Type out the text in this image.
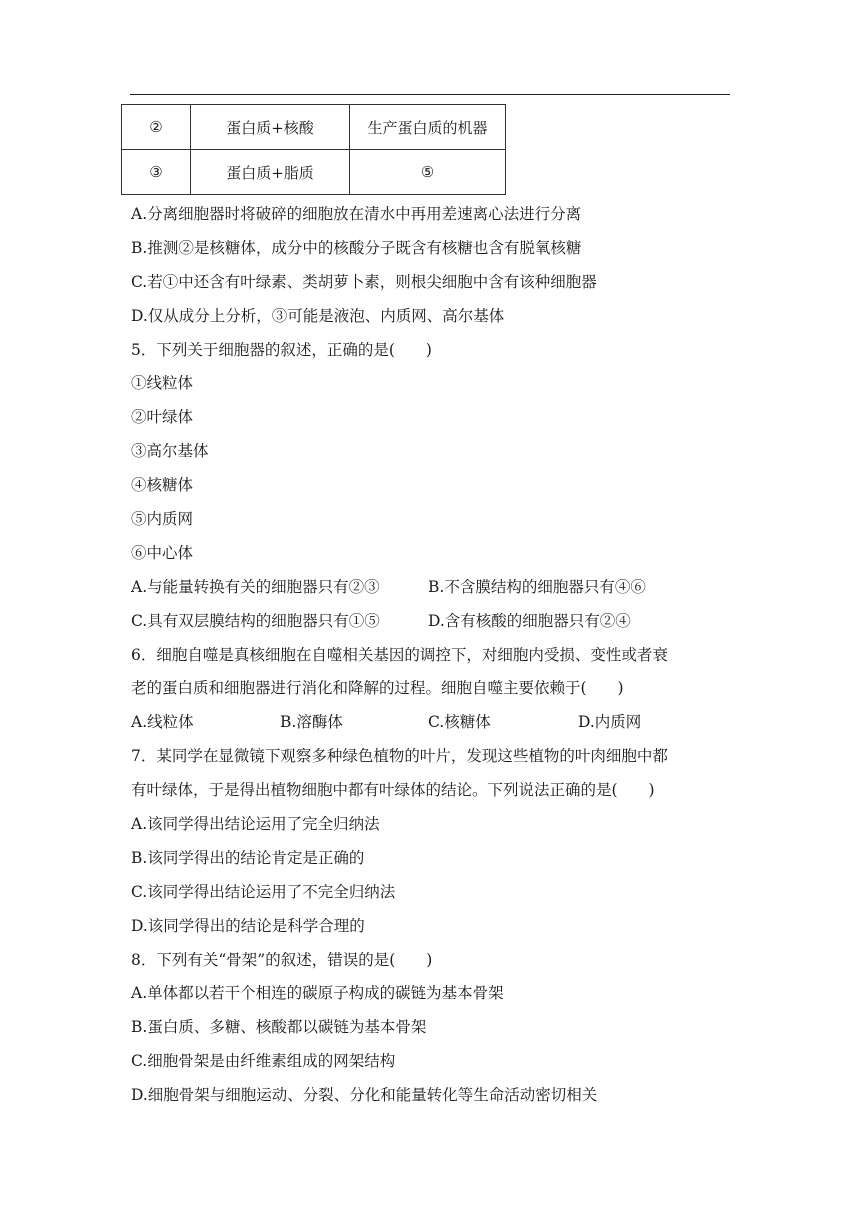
②	蛋白质+核酸	生产蛋白质的机器
③	蛋白质+脂质	⑤
A.分离细胞器时将破碎的细胞放在清水中再用差速离心法进行分离
B.推测②是核糖体，成分中的核酸分子既含有核糖也含有脱氧核糖
C.若①中还含有叶绿素、类胡萝卜素，则根尖细胞中含有该种细胞器
D.仅从成分上分析，③可能是液泡、内质网、高尔基体
5．下列关于细胞器的叙述，正确的是(　　)
①线粒体
②叶绿体
③高尔基体
④核糖体
⑤内质网
⑥中心体
A.与能量转换有关的细胞器只有②③	B.不含膜结构的细胞器只有④⑥
C.具有双层膜结构的细胞器只有①⑤	D.含有核酸的细胞器只有②④
6．细胞自噬是真核细胞在自噬相关基因的调控下，对细胞内受损、变性或者衰
老的蛋白质和细胞器进行消化和降解的过程。细胞自噬主要依赖于(　　)
A.线粒体	B.溶酶体	C.核糖体	D.内质网
7．某同学在显微镜下观察多种绿色植物的叶片，发现这些植物的叶肉细胞中都
有叶绿体，于是得出植物细胞中都有叶绿体的结论。下列说法正确的是(　　)
A.该同学得出结论运用了完全归纳法
B.该同学得出的结论肯定是正确的
C.该同学得出结论运用了不完全归纳法
D.该同学得出的结论是科学合理的
8．下列有关“骨架”的叙述，错误的是(　　)
A.单体都以若干个相连的碳原子构成的碳链为基本骨架
B.蛋白质、多糖、核酸都以碳链为基本骨架
C.细胞骨架是由纤维素组成的网架结构
D.细胞骨架与细胞运动、分裂、分化和能量转化等生命活动密切相关
